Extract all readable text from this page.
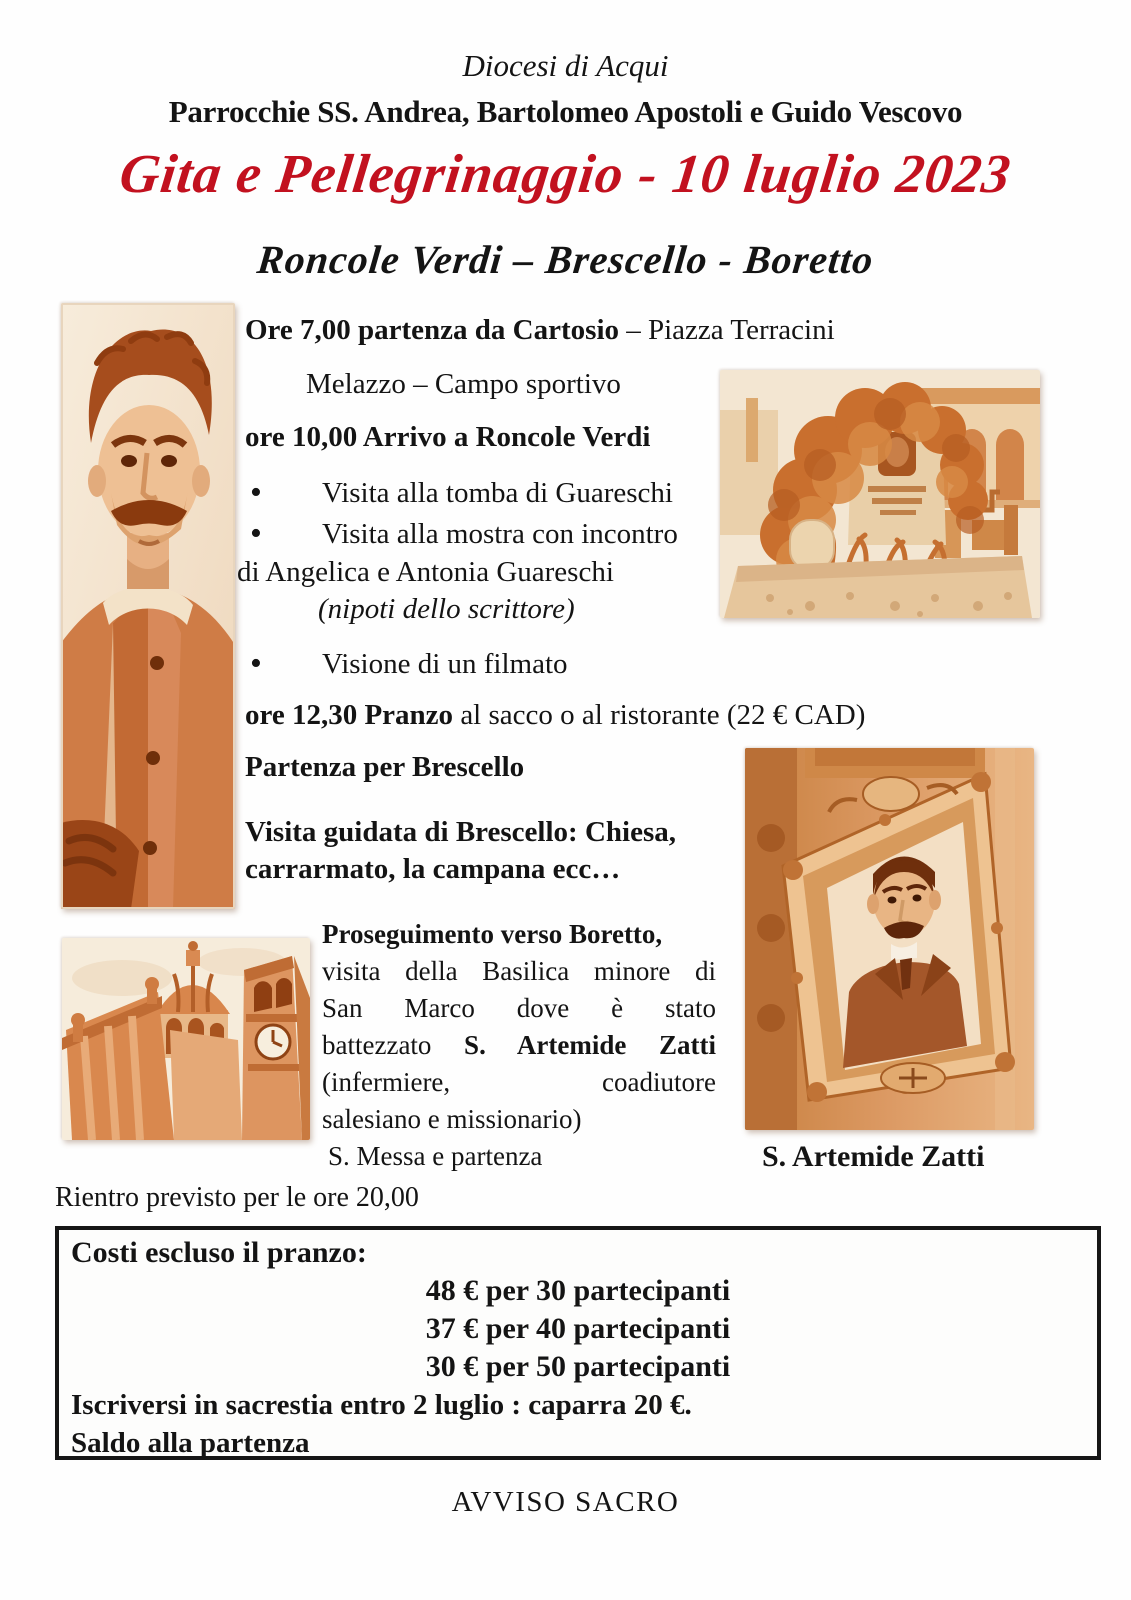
Diocesi di Acqui
Parrocchie SS. Andrea, Bartolomeo Apostoli e Guido Vescovo
Gita e Pellegrinaggio - 10 luglio 2023
Roncole Verdi – Brescello - Boretto
Ore 7,00 partenza da Cartosio – Piazza Terracini
Melazzo – Campo sportivo
ore 10,00 Arrivo a Roncole Verdi
•
Visita alla tomba di Guareschi
•
Visita alla mostra con incontro
di Angelica e Antonia Guareschi
(nipoti dello scrittore)
•
Visione di un filmato
ore 12,30 Pranzo al sacco o al ristorante (22 € CAD)
Partenza per Brescello
Visita guidata di Brescello: Chiesa,
carrarmato, la campana ecc…
Proseguimento verso Boretto,
visita della Basilica minore di
San Marco dove è stato
battezzato S. Artemide Zatti
(infermiere, coadiutore
salesiano e missionario)
S. Messa e partenza	S. Artemide Zatti
Rientro previsto per le ore 20,00
Costi escluso il pranzo:
48 € per 30 partecipanti
37 € per 40 partecipanti
30 € per 50 partecipanti
Iscriversi in sacrestia entro 2 luglio : caparra 20 €.
Saldo alla partenza
AVVISO SACRO
